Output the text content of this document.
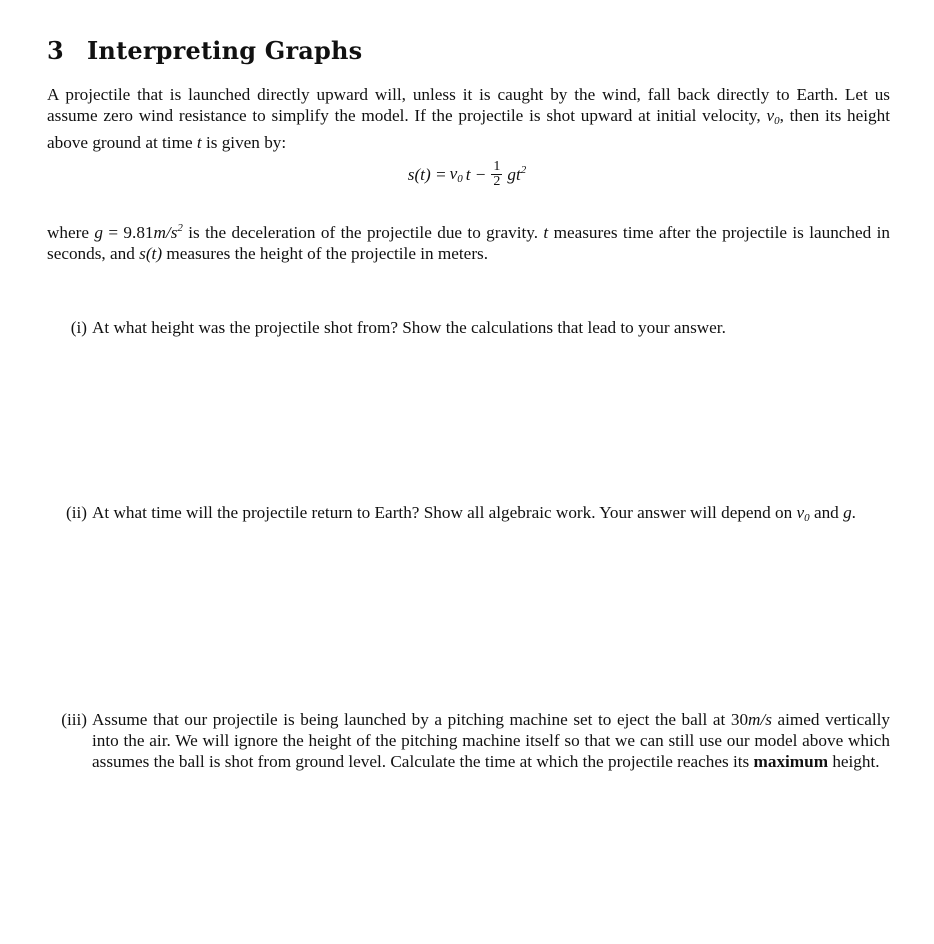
3 Interpreting Graphs
A projectile that is launched directly upward will, unless it is caught by the wind, fall back directly to Earth. Let us assume zero wind resistance to simplify the model. If the projectile is shot upward at initial velocity, $v_0$, then its height above ground at time t is given by:
$s(t) = v_0$ $t - \frac{1}{2} gt^2$
where $g = 9.81m/s^2$ is the deceleration of the projectile due to gravity. t measures time after the projectile is launched in seconds, and s(t) measures the height of the projectile in meters.
(i) At what height was the projectile shot from? Show the calculations that lead to your answer.
(ii) At what time will the projectile return to Earth? Show all algebraic work. Your answer will depend on $v_0$ and g.
(iii) Assume that our projectile is being launched by a pitching machine set to eject the ball at 30m/s aimed vertically into the air. We will ignore the height of the pitching machine itself so that we can still use our model above which assumes the ball is shot from ground level. Calculate the time at which the projectile reaches its maximum height.
